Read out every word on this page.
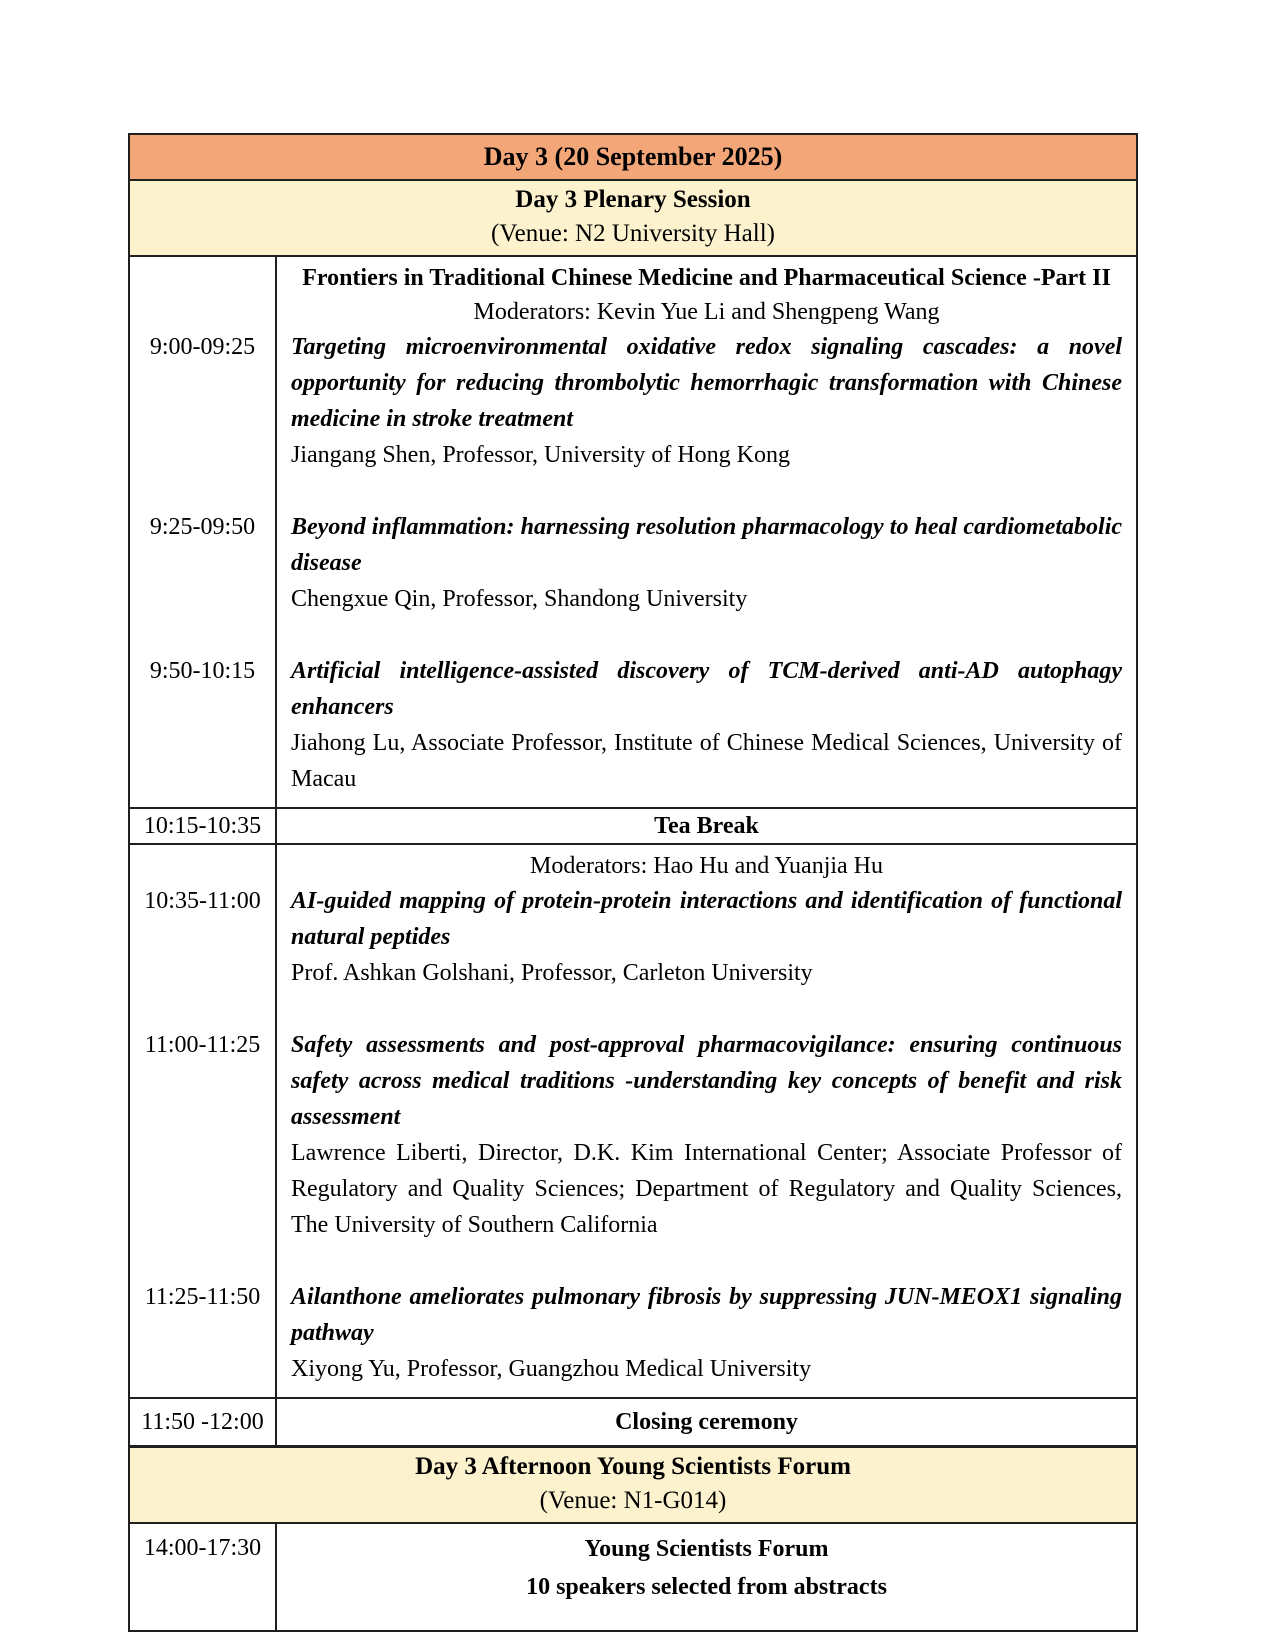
Day 3 (20 September 2025)	

Day 3 Plenary Session
(Venue: N2 University Hall)	

	Frontiers in Traditional Chinese Medicine and Pharmaceutical Science -Part II
Moderators: Kevin Yue Li and Shengpeng Wang

9:00-09:25	Targeting microenvironmental oxidative redox signaling cascades: a novel opportunity for reducing thrombolytic hemorrhagic transformation with Chinese medicine in stroke treatment

Jiangang Shen, Professor, University of Hong Kong

9:25-09:50	Beyond inflammation: harnessing resolution pharmacology to heal cardiometabolic disease

Chengxue Qin, Professor, Shandong University

9:50-10:15	Artificial intelligence-assisted discovery of TCM-derived anti-AD autophagy enhancers

Jiahong Lu, Associate Professor, Institute of Chinese Medical Sciences, University of Macau

10:15-10:35	Tea Break

	Moderators: Hao Hu and Yuanjia Hu

10:35-11:00	AI-guided mapping of protein-protein interactions and identification of functional natural peptides

Prof. Ashkan Golshani, Professor, Carleton University

11:00-11:25	Safety assessments and post-approval pharmacovigilance: ensuring continuous safety across medical traditions -understanding key concepts of benefit and risk assessment

Lawrence Liberti, Director, D.K. Kim International Center; Associate Professor of Regulatory and Quality Sciences; Department of Regulatory and Quality Sciences, The University of Southern California

11:25-11:50	Ailanthone ameliorates pulmonary fibrosis by suppressing JUN-MEOX1 signaling pathway

Xiyong Yu, Professor, Guangzhou Medical University

11:50 -12:00	Closing ceremony

Day 3 Afternoon Young Scientists Forum
(Venue: N1-G014)	

14:00-17:30	Young Scientists Forum
10 speakers selected from abstracts
